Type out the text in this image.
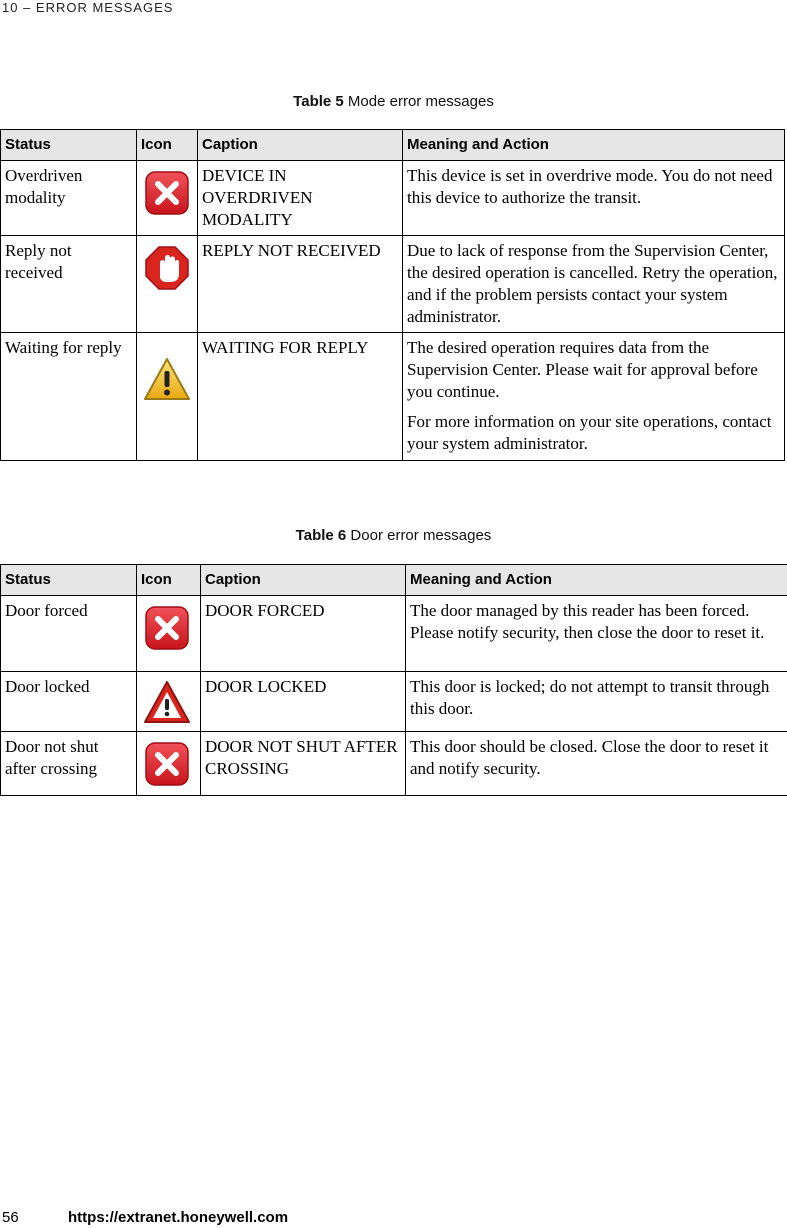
10 – ERROR MESSAGES
Table 5 Mode error messages
Status	Icon	Caption	Meaning and Action
Overdriven modality		DEVICE IN OVERDRIVEN MODALITY	This device is set in overdrive mode. You do not need this device to authorize the transit.

Reply not received		REPLY NOT RECEIVED	Due to lack of response from the Supervision Center, the desired operation is cancelled. Retry the operation, and if the problem persists contact your system administrator.

Waiting for reply		WAITING FOR REPLY	The desired operation requires data from the Supervision Center. Please wait for approval before you continue.

For more information on your site operations, contact your system administrator.

Table 6 Door error messages
Status	Icon	Caption	Meaning and Action
Door forced		DOOR FORCED	The door managed by this reader has been forced. Please notify security, then close the door to reset it.

Door locked		DOOR LOCKED	This door is locked; do not attempt to transit through this door.

Door not shut after crossing		DOOR NOT SHUT AFTER CROSSING	This door should be closed. Close the door to reset it and notify security.

56	https://extranet.honeywell.com
